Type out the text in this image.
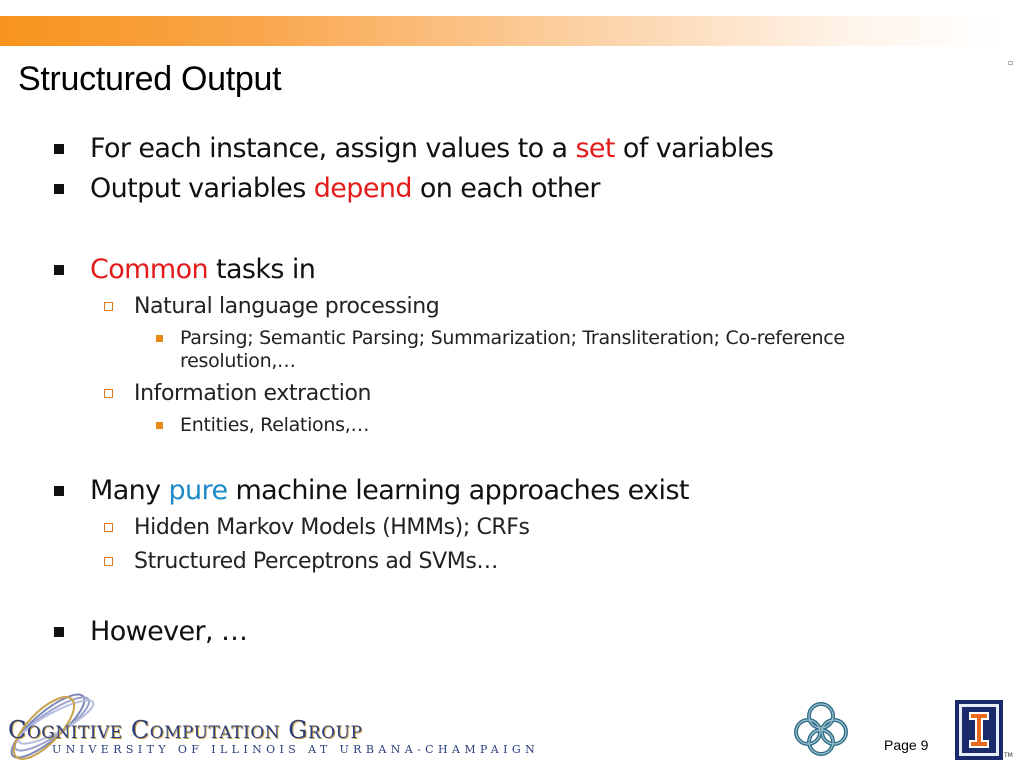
▫
Structured Output
For each instance, assign values to a set of variables
Output variables depend on each other
Common tasks in
Natural language processing
Parsing; Semantic Parsing; Summarization; Transliteration; Co-reference resolution,…
Information extraction
Entities, Relations,…
Many pure machine learning approaches exist
Hidden Markov Models (HMMs); CRFs
Structured Perceptrons ad SVMs…
However, …
Cognitive Computation Group
UNIVERSITY OF ILLINOIS AT URBANA-CHAMPAIGN	Page 9
TM
